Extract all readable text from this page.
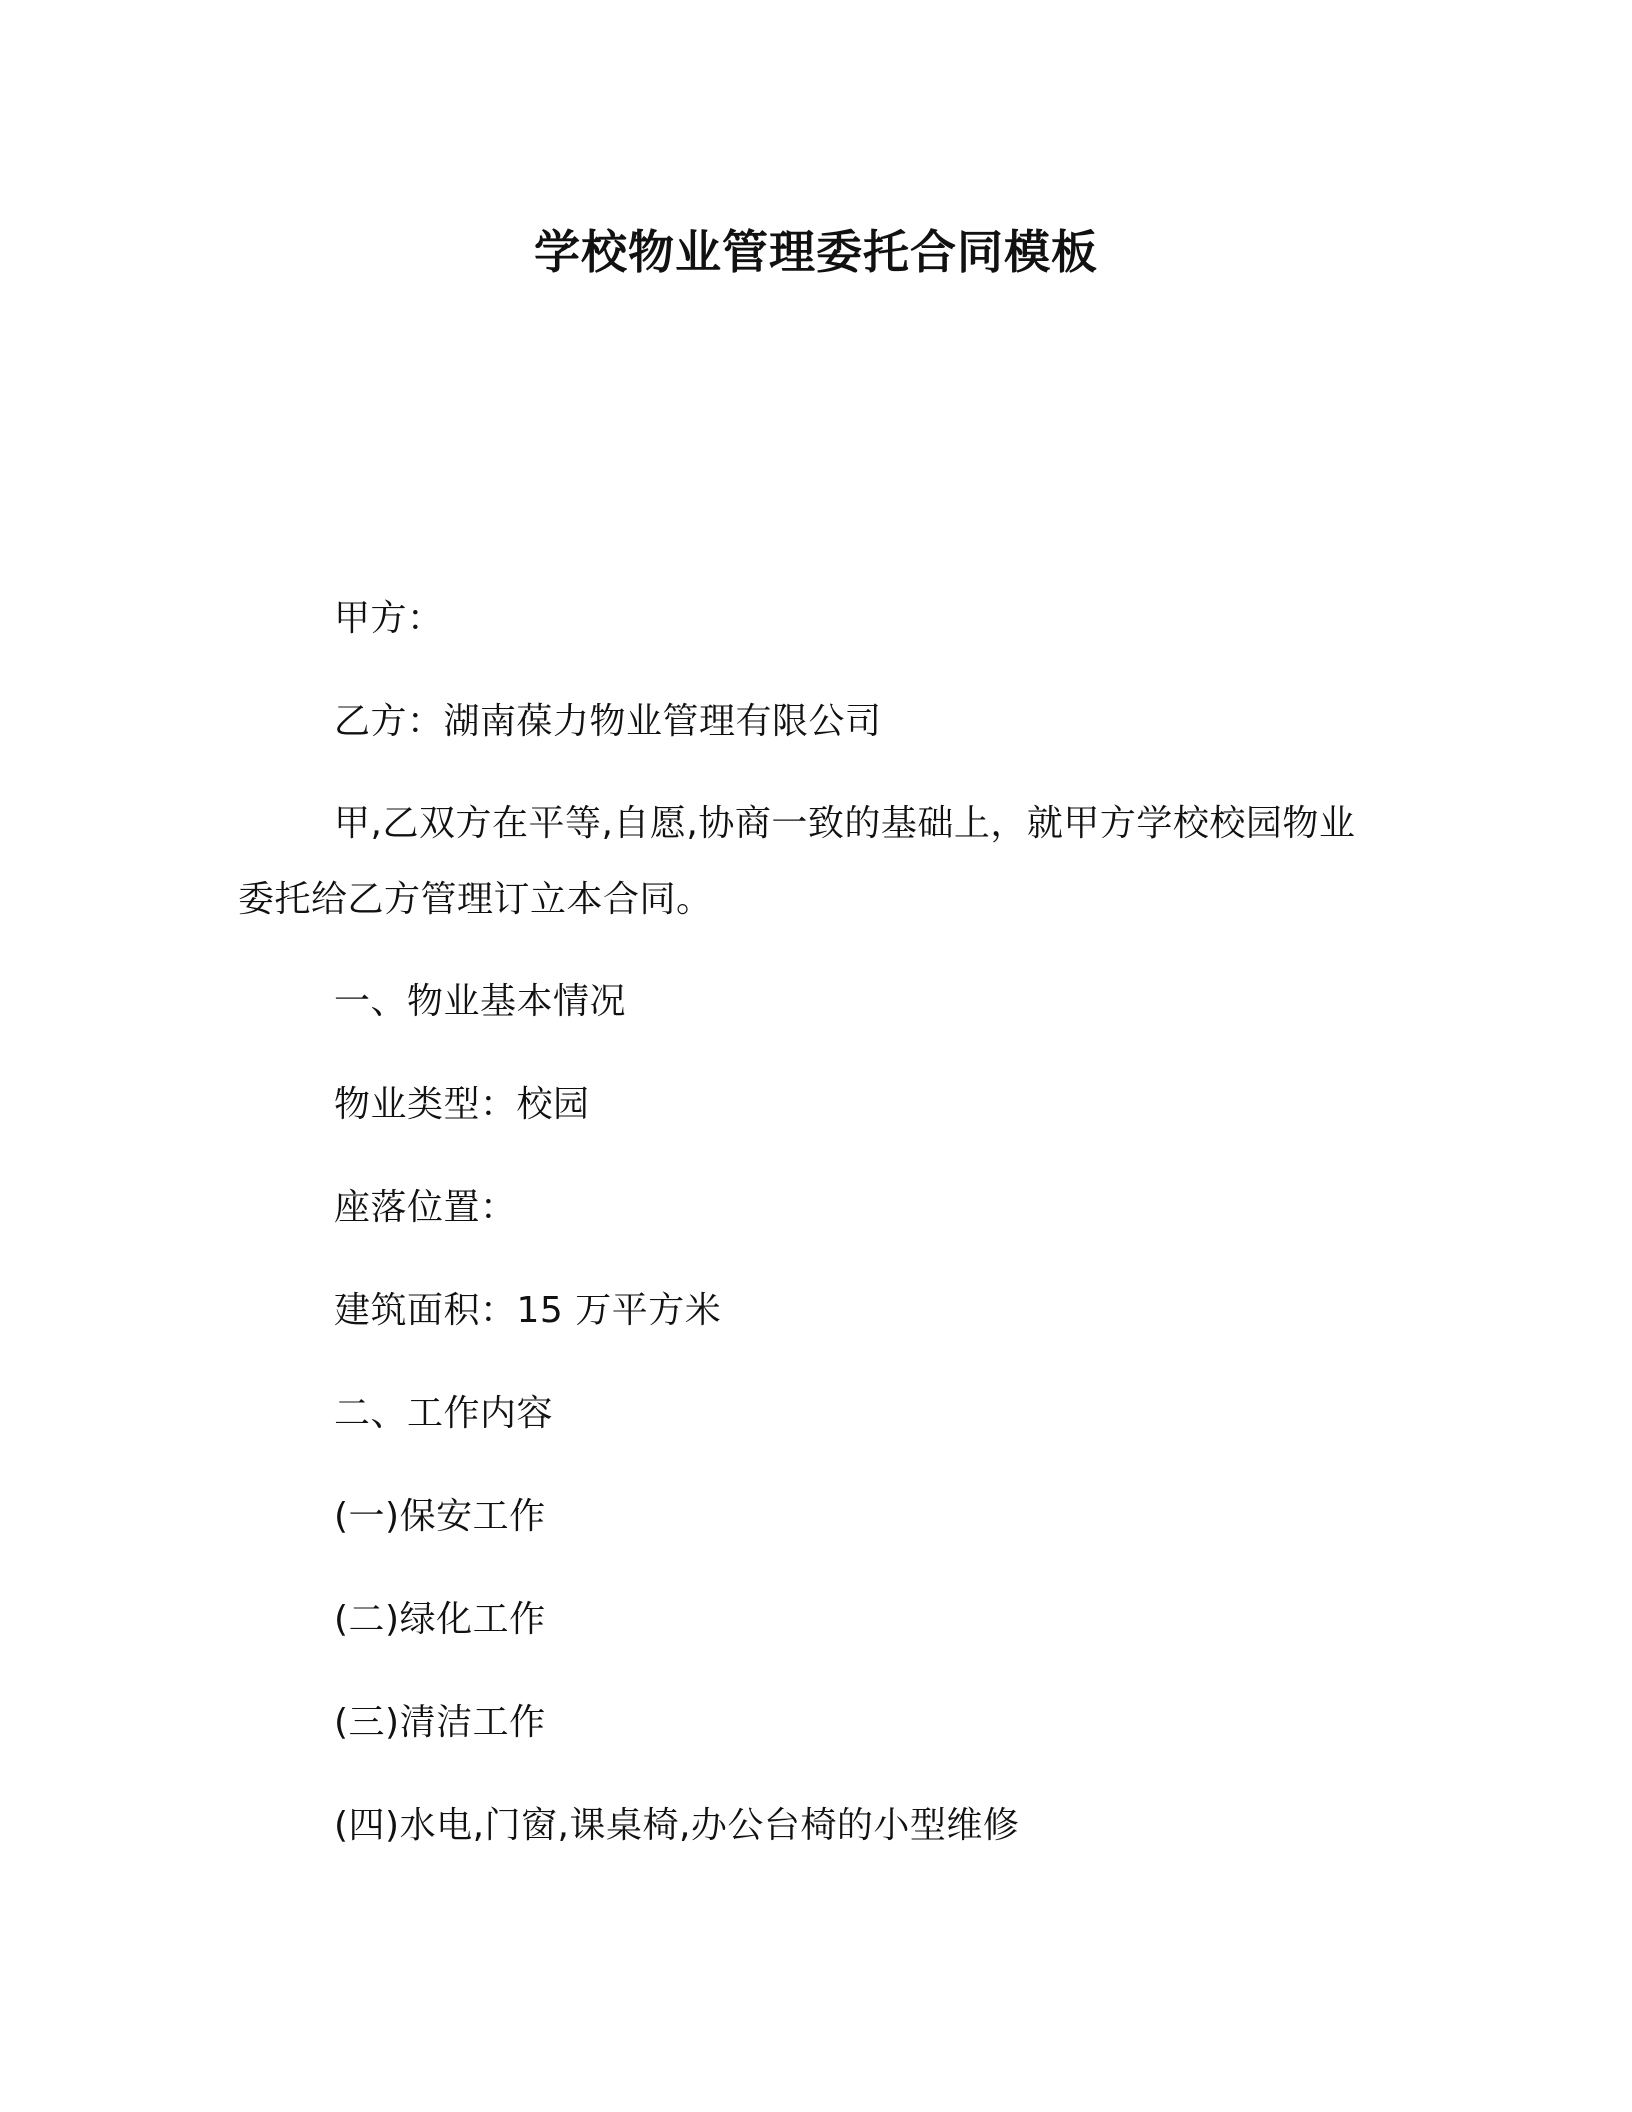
学校物业管理委托合同模板
甲方：
乙方：湖南葆力物业管理有限公司
甲,乙双方在平等,自愿,协商一致的基础上，就甲方学校校园物业
委托给乙方管理订立本合同。
一、物业基本情况
物业类型：校园
座落位置：
建筑面积：15 万平方米
二、工作内容
(一)保安工作
(二)绿化工作
(三)清洁工作
(四)水电,门窗,课桌椅,办公台椅的小型维修
